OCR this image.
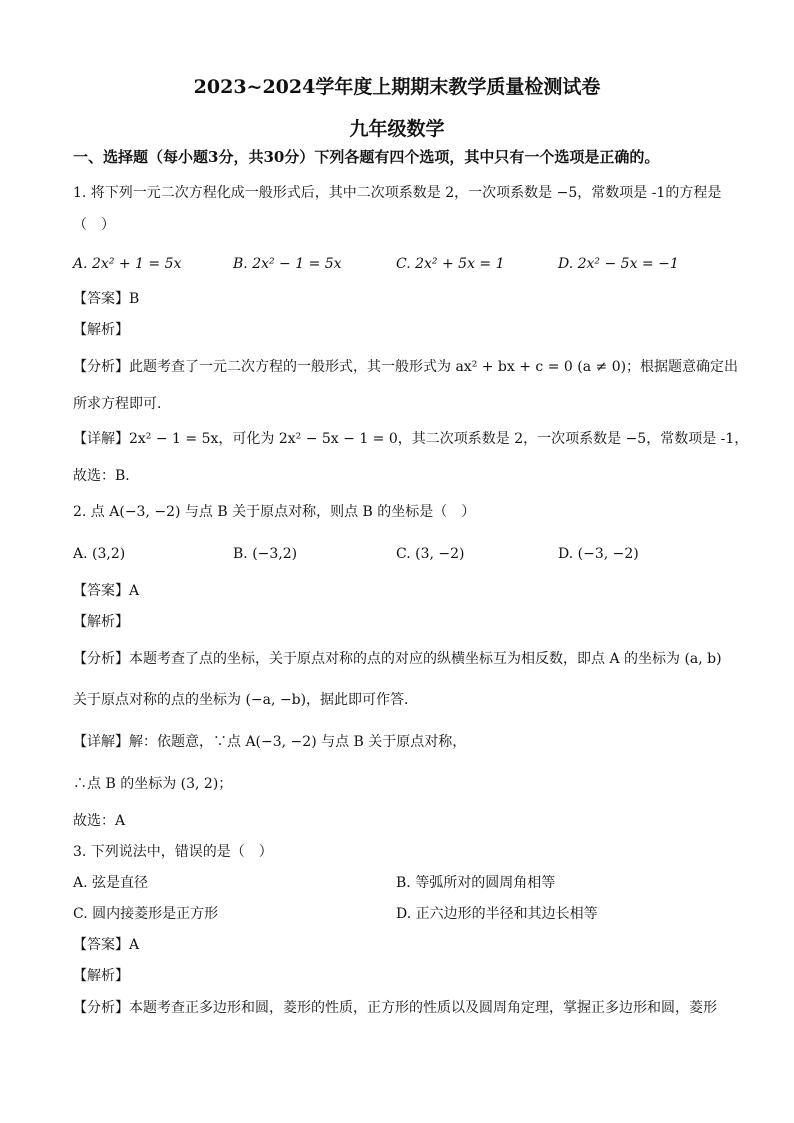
2023~2024学年度上期期末教学质量检测试卷
九年级数学
一、选择题（每小题3分，共30分）下列各题有四个选项，其中只有一个选项是正确的。
1. 将下列一元二次方程化成一般形式后，其中二次项系数是 2，一次项系数是 −5，常数项是 -1的方程是
（　）
A. 2x² + 1 = 5x	B. 2x² − 1 = 5x	C. 2x² + 5x = 1	D. 2x² − 5x = −1
【答案】B
【解析】
【分析】此题考查了一元二次方程的一般形式，其一般形式为 ax² + bx + c = 0 (a ≠ 0)；根据题意确定出
所求方程即可．
【详解】2x² − 1 = 5x，可化为 2x² − 5x − 1 = 0，其二次项系数是 2，一次项系数是 −5，常数项是 -1，
故选：B．
2. 点 A(−3, −2) 与点 B 关于原点对称，则点 B 的坐标是（　）
A. (3,2)	B. (−3,2)	C. (3, −2)	D. (−3, −2)
【答案】A
【解析】
【分析】本题考查了点的坐标，关于原点对称的点的对应的纵横坐标互为相反数，即点 A 的坐标为 (a, b)
关于原点对称的点的坐标为 (−a, −b)，据此即可作答．
【详解】解：依题意，∵点 A(−3, −2) 与点 B 关于原点对称，
∴点 B 的坐标为 (3, 2)；
故选：A
3. 下列说法中，错误的是（　）
A. 弦是直径	B. 等弧所对的圆周角相等
C. 圆内接菱形是正方形	D. 正六边形的半径和其边长相等
【答案】A
【解析】
【分析】本题考查正多边形和圆，菱形的性质，正方形的性质以及圆周角定理，掌握正多边形和圆，菱形
